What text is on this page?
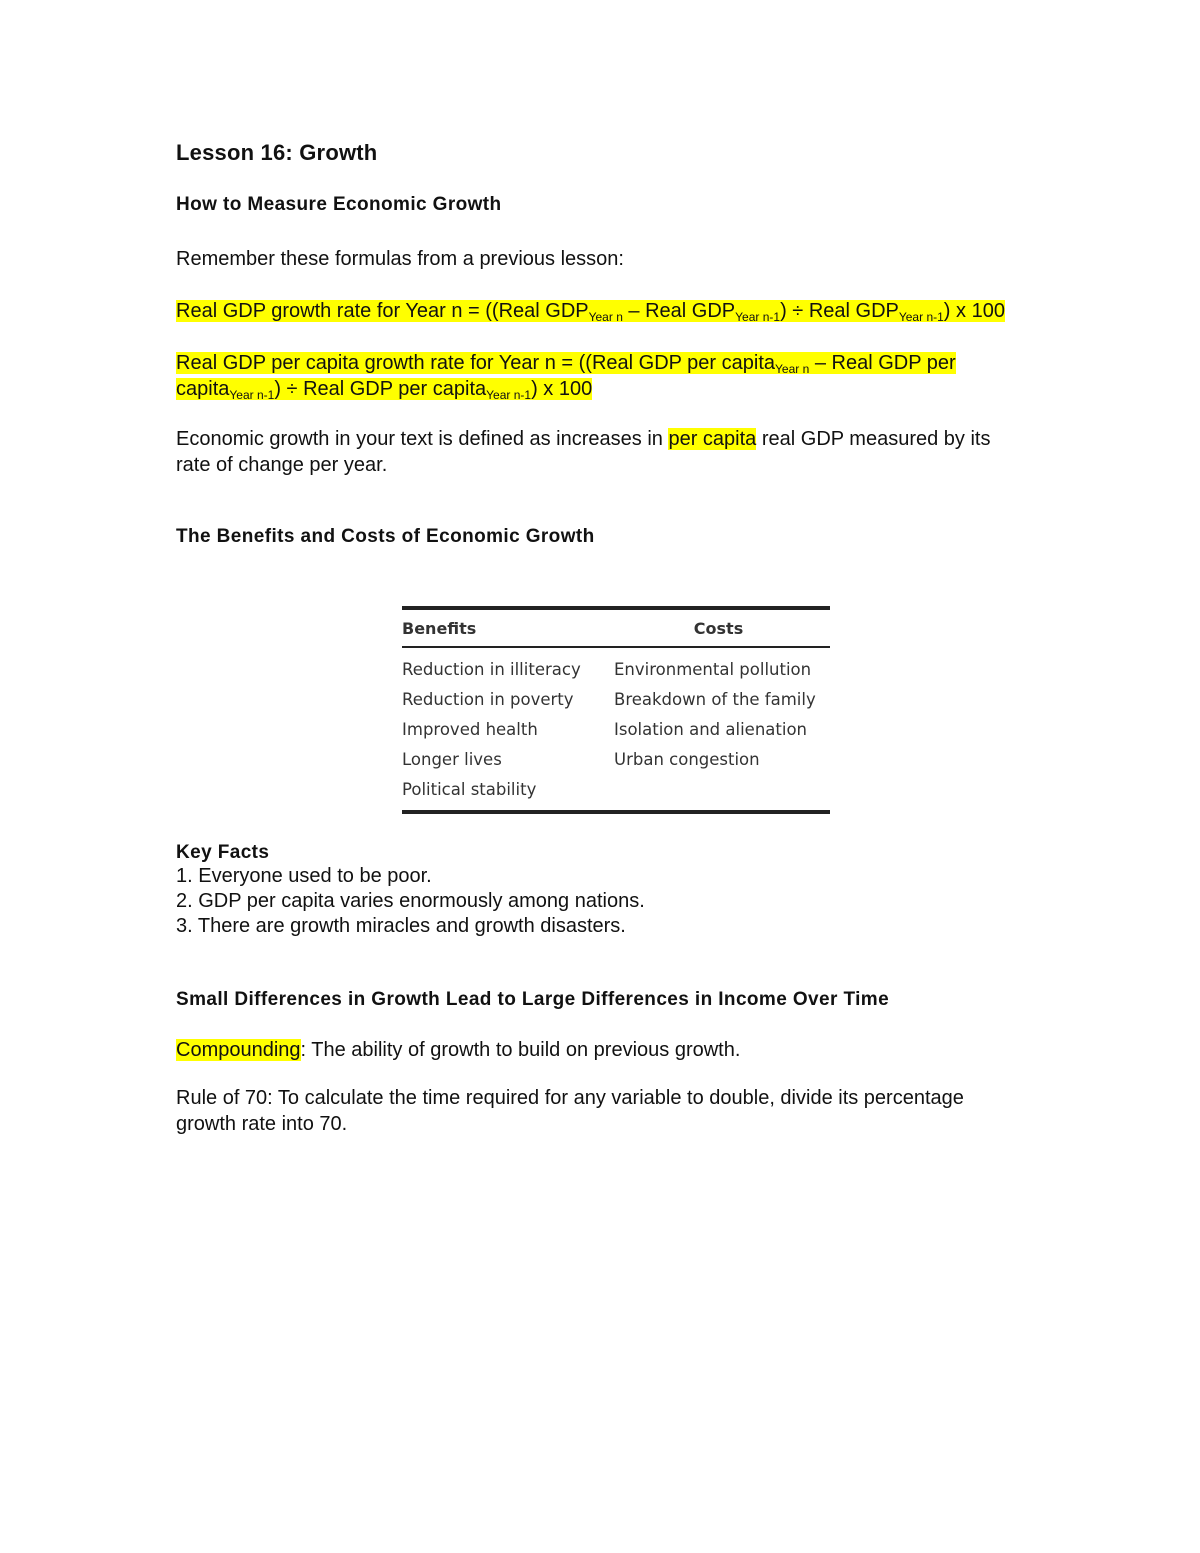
Lesson 16: Growth
How to Measure Economic Growth

Remember these formulas from a previous lesson:

Real GDP growth rate for Year n = ((Real $GDP_{Year n}$ – Real $GDP_{Year n-1}$) ÷ Real $GDP_{Year n-1}$) x 100

Real GDP per capita growth rate for Year n = ((Real GDP per capita$_{Year n}$ – Real GDP per capita$_{Year n-1}$) ÷ Real GDP per capita$_{Year n-1}$) x 100

Economic growth in your text is defined as increases in per capita real GDP measured by its rate of change per year.

The Benefits and Costs of Economic Growth
Benefits	Costs
Reduction in illiteracy	Environmental pollution
Reduction in poverty	Breakdown of the family
Improved health	Isolation and alienation
Longer lives	Urban congestion
Political stability
Key Facts

1. Everyone used to be poor.

2. GDP per capita varies enormously among nations.

3. There are growth miracles and growth disasters.

Small Differences in Growth Lead to Large Differences in Income Over Time

Compounding: The ability of growth to build on previous growth.

Rule of 70: To calculate the time required for any variable to double, divide its percentage growth rate into 70.
